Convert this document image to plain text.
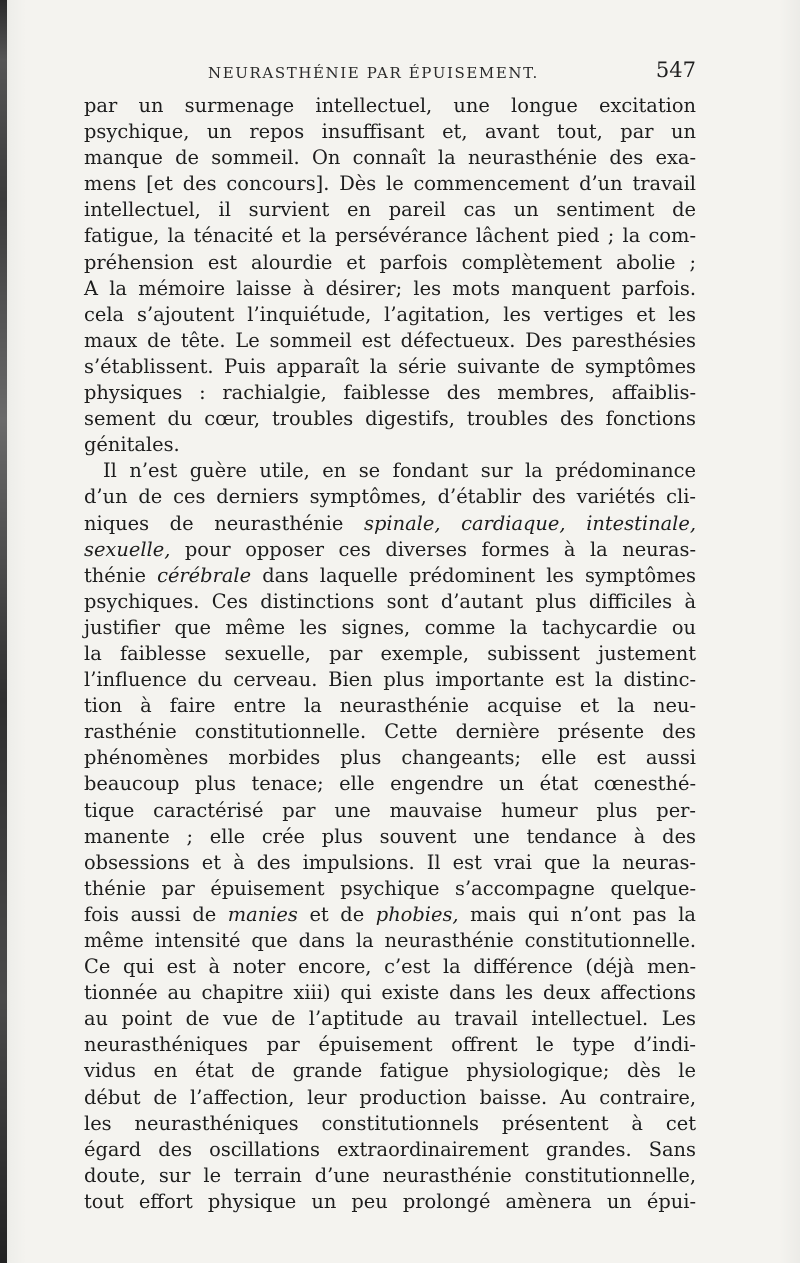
NEURASTHÉNIE PAR ÉPUISEMENT.	547
par un surmenage intellectuel, une longue excitation
psychique, un repos insuffisant et, avant tout, par un
manque de sommeil. On connaît la neurasthénie des exa-
mens [et des concours]. Dès le commencement d’un travail
intellectuel, il survient en pareil cas un sentiment de
fatigue, la ténacité et la persévérance lâchent pied ; la com-
préhension est alourdie et parfois complètement abolie ;
A la mémoire laisse à désirer; les mots manquent parfois.
cela s’ajoutent l’inquiétude, l’agitation, les vertiges et les
maux de tête. Le sommeil est défectueux. Des paresthésies
s’établissent. Puis apparaît la série suivante de symptômes
physiques : rachialgie, faiblesse des membres, affaiblis-
sement du cœur, troubles digestifs, troubles des fonctions
génitales.
Il n’est guère utile, en se fondant sur la prédominance
d’un de ces derniers symptômes, d’établir des variétés cli-
niques de neurasthénie spinale, cardiaque, intestinale,
sexuelle, pour opposer ces diverses formes à la neuras-
thénie cérébrale dans laquelle prédominent les symptômes
psychiques. Ces distinctions sont d’autant plus difficiles à
justifier que même les signes, comme la tachycardie ou
la faiblesse sexuelle, par exemple, subissent justement
l’influence du cerveau. Bien plus importante est la distinc-
tion à faire entre la neurasthénie acquise et la neu-
rasthénie constitutionnelle. Cette dernière présente des
phénomènes morbides plus changeants; elle est aussi
beaucoup plus tenace; elle engendre un état cœnesthé-
tique caractérisé par une mauvaise humeur plus per-
manente ; elle crée plus souvent une tendance à des
obsessions et à des impulsions. Il est vrai que la neuras-
thénie par épuisement psychique s’accompagne quelque-
fois aussi de manies et de phobies, mais qui n’ont pas la
même intensité que dans la neurasthénie constitutionnelle.
Ce qui est à noter encore, c’est la différence (déjà men-
tionnée au chapitre xiii) qui existe dans les deux affections
au point de vue de l’aptitude au travail intellectuel. Les
neurasthéniques par épuisement offrent le type d’indi-
vidus en état de grande fatigue physiologique; dès le
début de l’affection, leur production baisse. Au contraire,
les neurasthéniques constitutionnels présentent à cet
égard des oscillations extraordinairement grandes. Sans
doute, sur le terrain d’une neurasthénie constitutionnelle,
tout effort physique un peu prolongé amènera un épui-
